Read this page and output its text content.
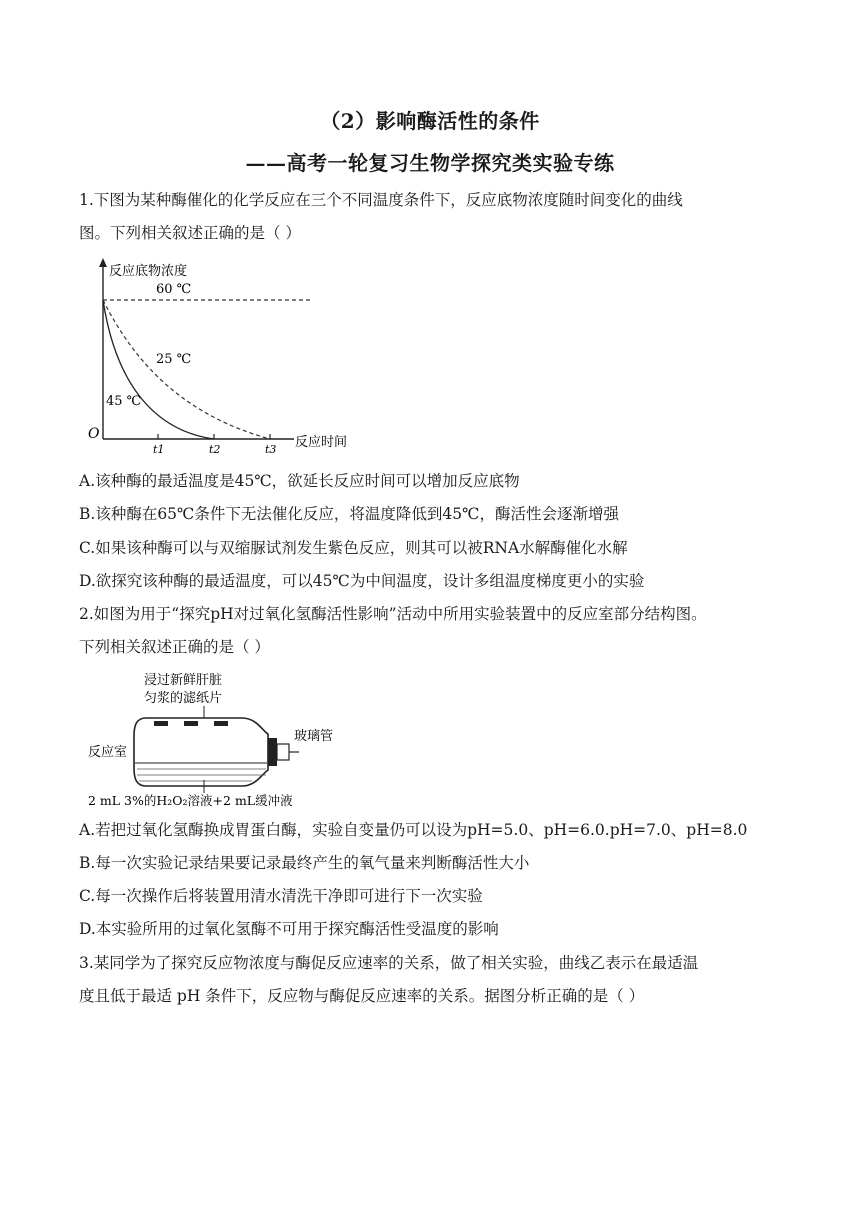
（2）影响酶活性的条件
——高考一轮复习生物学探究类实验专练
1.下图为某种酶催化的化学反应在三个不同温度条件下，反应底物浓度随时间变化的曲线
图。下列相关叙述正确的是（ ）
反应底物浓度
反应时间
O
60 ℃
25 ℃
45 ℃
t1	t2	t3
A.该种酶的最适温度是45℃，欲延长反应时间可以增加反应底物
B.该种酶在65℃条件下无法催化反应，将温度降低到45℃，酶活性会逐渐增强
C.如果该种酶可以与双缩脲试剂发生紫色反应，则其可以被RNA水解酶催化水解
D.欲探究该种酶的最适温度，可以45℃为中间温度，设计多组温度梯度更小的实验
2.如图为用于“探究pH对过氧化氢酶活性影响”活动中所用实验装置中的反应室部分结构图。
下列相关叙述正确的是（ ）
浸过新鲜肝脏
匀浆的滤纸片
玻璃管
反应室
2 mL 3%的H₂O₂溶液+2 mL缓冲液
A.若把过氧化氢酶换成胃蛋白酶，实验自变量仍可以设为pH=5.0、pH=6.0.pH=7.0、pH=8.0
B.每一次实验记录结果要记录最终产生的氧气量来判断酶活性大小
C.每一次操作后将装置用清水清洗干净即可进行下一次实验
D.本实验所用的过氧化氢酶不可用于探究酶活性受温度的影响
3.某同学为了探究反应物浓度与酶促反应速率的关系，做了相关实验，曲线乙表示在最适温
度且低于最适 pH 条件下，反应物与酶促反应速率的关系。据图分析正确的是（ ）
